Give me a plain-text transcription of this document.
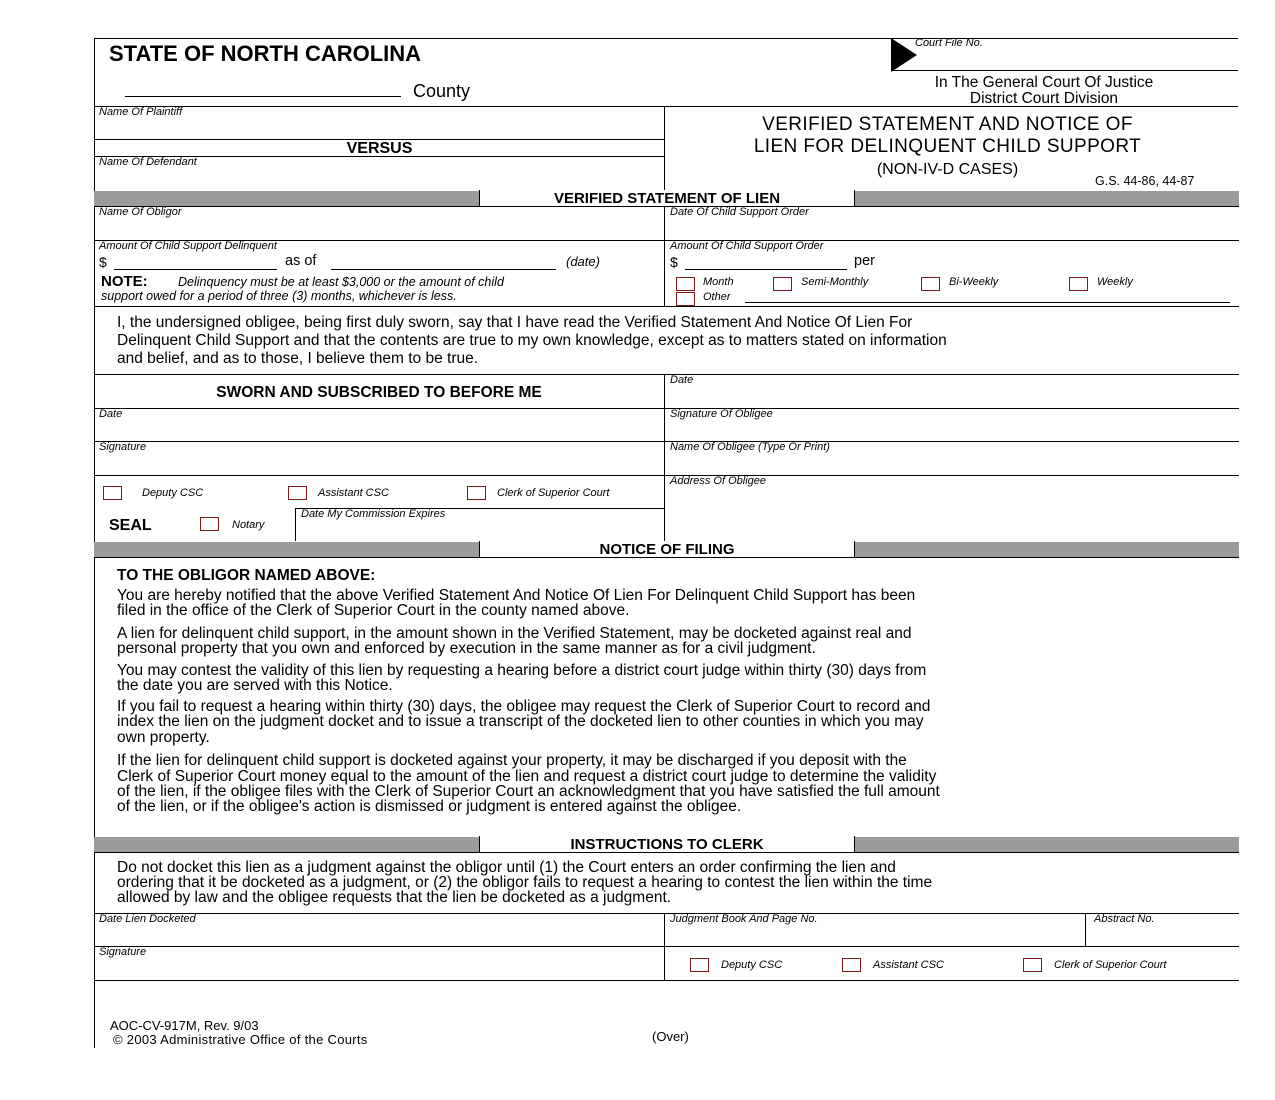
STATE OF NORTH CAROLINA
County
Court File No.
In The General Court Of Justice
District Court Division
Name Of Plaintiff
VERSUS
Name Of Defendant
VERIFIED STATEMENT AND NOTICE OF
LIEN FOR DELINQUENT CHILD SUPPORT
(NON-IV-D CASES)
G.S. 44-86, 44-87
VERIFIED STATEMENT OF LIEN
Name Of Obligor	Date Of Child Support Order
Amount Of Child Support Delinquent
$	as of	(date)
NOTE: Delinquency must be at least $3,000 or the amount of child
support owed for a period of three (3) months, whichever is less.
Amount Of Child Support Order
$	per
Month	Semi-Monthly	Bi-Weekly	Weekly
Other
I, the undersigned obligee, being first duly sworn, say that I have read the Verified Statement And Notice Of Lien For
Delinquent Child Support and that the contents are true to my own knowledge, except as to matters stated on information
and belief, and as to those, I believe them to be true.
SWORN AND SUBSCRIBED TO BEFORE ME
Date
Signature
Deputy CSC	Assistant CSC	Clerk of Superior Court
SEAL	Notary
Date My Commission Expires
Date
Signature Of Obligee
Name Of Obligee (Type Or Print)
Address Of Obligee
NOTICE OF FILING
TO THE OBLIGOR NAMED ABOVE:
You are hereby notified that the above Verified Statement And Notice Of Lien For Delinquent Child Support has been
filed in the office of the Clerk of Superior Court in the county named above.
A lien for delinquent child support, in the amount shown in the Verified Statement, may be docketed against real and
personal property that you own and enforced by execution in the same manner as for a civil judgment.
You may contest the validity of this lien by requesting a hearing before a district court judge within thirty (30) days from
the date you are served with this Notice.
If you fail to request a hearing within thirty (30) days, the obligee may request the Clerk of Superior Court to record and
index the lien on the judgment docket and to issue a transcript of the docketed lien to other counties in which you may
own property.
If the lien for delinquent child support is docketed against your property, it may be discharged if you deposit with the
Clerk of Superior Court money equal to the amount of the lien and request a district court judge to determine the validity
of the lien, if the obligee files with the Clerk of Superior Court an acknowledgment that you have satisfied the full amount
of the lien, or if the obligee's action is dismissed or judgment is entered against the obligee.
INSTRUCTIONS TO CLERK
Do not docket this lien as a judgment against the obligor until (1) the Court enters an order confirming the lien and
ordering that it be docketed as a judgment, or (2) the obligor fails to request a hearing to contest the lien within the time
allowed by law and the obligee requests that the lien be docketed as a judgment.
Date Lien Docketed	Judgment Book And Page No.	Abstract No.
Signature
Deputy CSC	Assistant CSC	Clerk of Superior Court
AOC-CV-917M, Rev. 9/03
© 2003 Administrative Office of the Courts	(Over)
